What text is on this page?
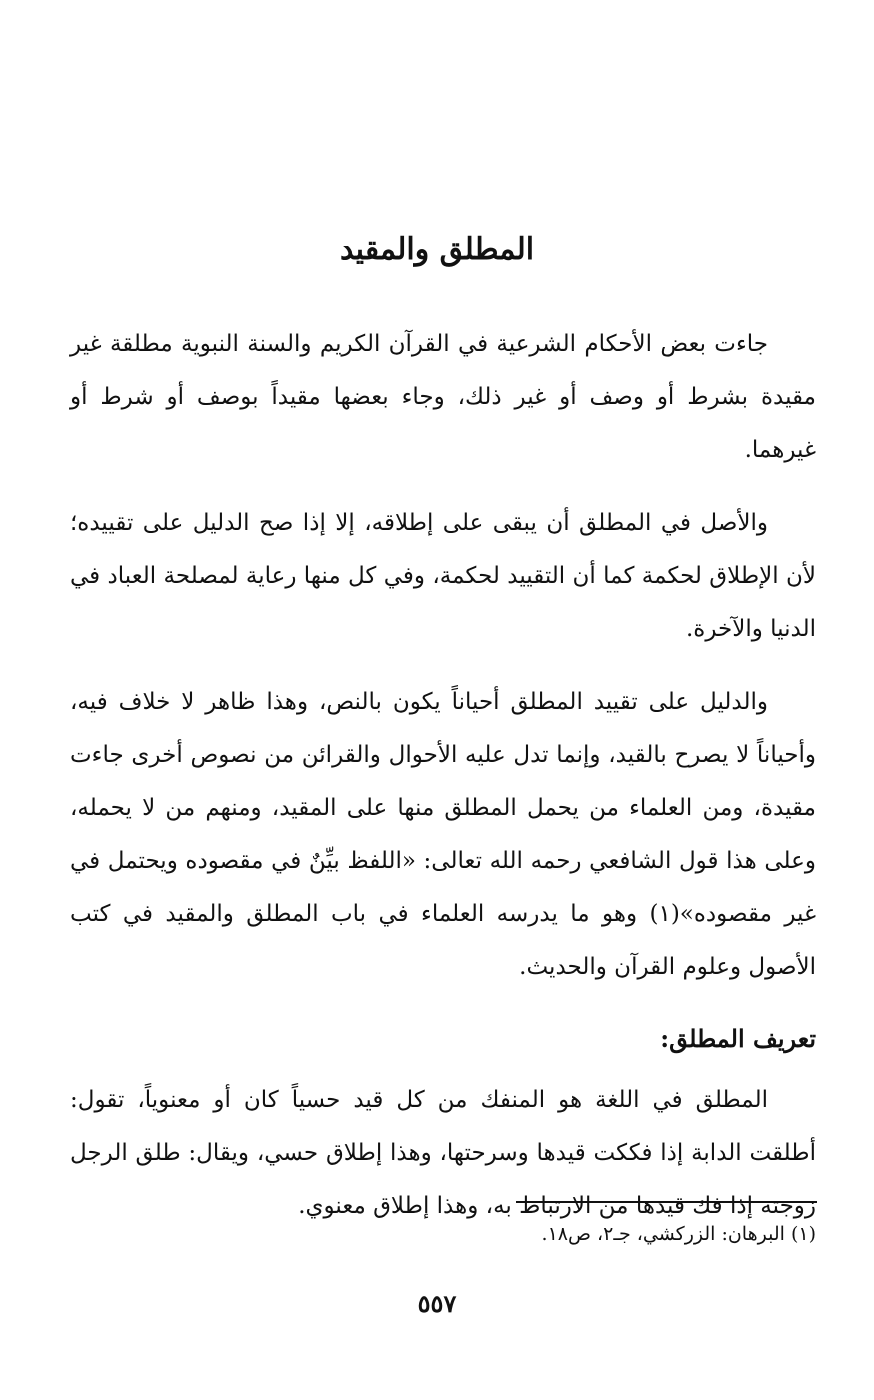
المطلق والمقيد

جاءت بعض الأحكام الشرعية في القرآن الكريم والسنة النبوية مطلقة غير مقيدة بشرط أو وصف أو غير ذلك، وجاء بعضها مقيداً بوصف أو شرط أو غيرهما.

والأصل في المطلق أن يبقى على إطلاقه، إلا إذا صح الدليل على تقييده؛ لأن الإطلاق لحكمة كما أن التقييد لحكمة، وفي كل منها رعاية لمصلحة العباد في الدنيا والآخرة.

والدليل على تقييد المطلق أحياناً يكون بالنص، وهذا ظاهر لا خلاف فيه، وأحياناً لا يصرح بالقيد، وإنما تدل عليه الأحوال والقرائن من نصوص أخرى جاءت مقيدة، ومن العلماء من يحمل المطلق منها على المقيد، ومنهم من لا يحمله، وعلى هذا قول الشافعي رحمه الله تعالى: «اللفظ بيِّنٌ في مقصوده ويحتمل في غير مقصوده»(١) وهو ما يدرسه العلماء في باب المطلق والمقيد في كتب الأصول وعلوم القرآن والحديث.

تعريف المطلق:

المطلق في اللغة هو المنفك من كل قيد حسياً كان أو معنوياً، تقول: أطلقت الدابة إذا فككت قيدها وسرحتها، وهذا إطلاق حسي، ويقال: طلق الرجل زوجته إذا فك قيدها من الارتباط به، وهذا إطلاق معنوي.

(١) البرهان: الزركشي، جـ٢، ص١٨.
٥٥٧
